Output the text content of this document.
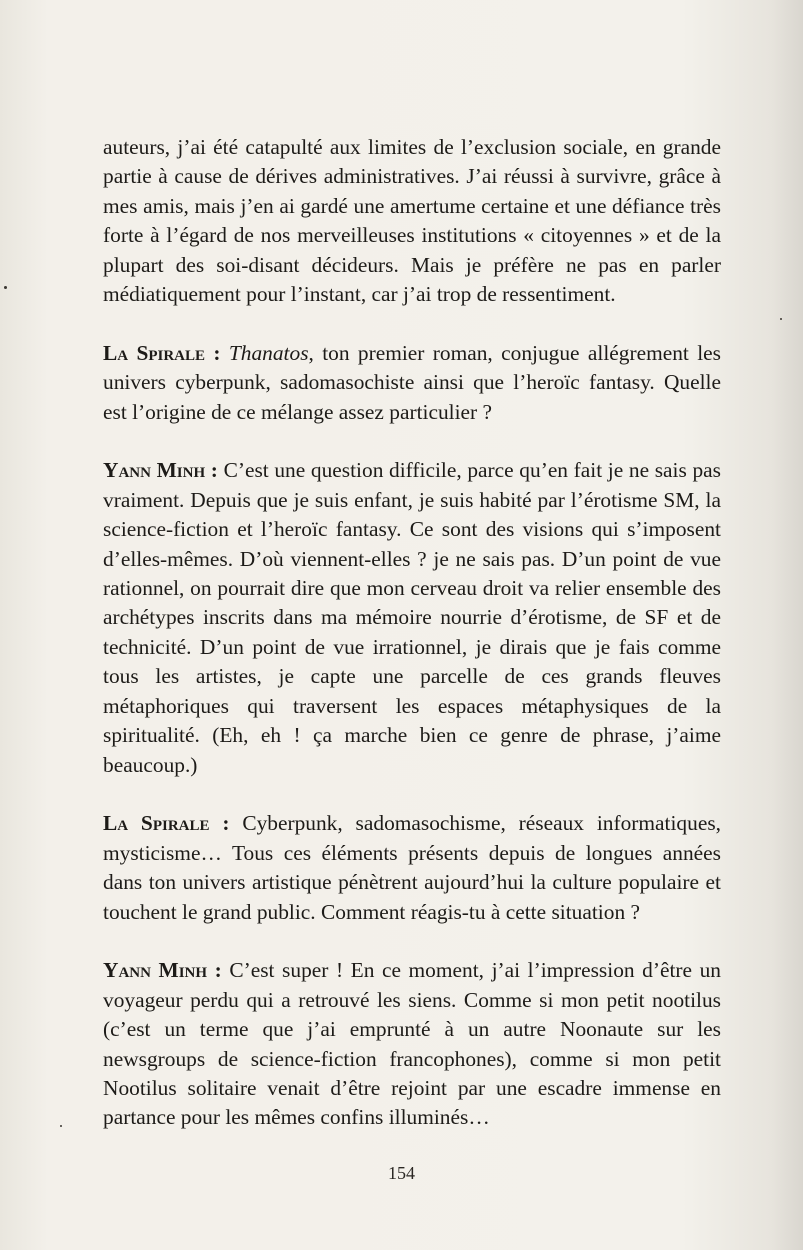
auteurs, j’ai été catapulté aux limites de l’exclusion sociale, en grande partie à cause de dérives administratives. J’ai réussi à survivre, grâce à mes amis, mais j’en ai gardé une amertume certaine et une défiance très forte à l’égard de nos merveilleuses institutions « citoyennes » et de la plupart des soi-disant décideurs. Mais je préfère ne pas en parler médiatiquement pour l’instant, car j’ai trop de ressentiment.

La Spirale : Thanatos, ton premier roman, conjugue allégrement les univers cyberpunk, sadomasochiste ainsi que l’heroïc fantasy. Quelle est l’origine de ce mélange assez particulier ?

Yann Minh : C’est une question difficile, parce qu’en fait je ne sais pas vraiment. Depuis que je suis enfant, je suis habité par l’érotisme SM, la science-fiction et l’heroïc fantasy. Ce sont des visions qui s’imposent d’elles-mêmes. D’où viennent-elles ? je ne sais pas. D’un point de vue rationnel, on pourrait dire que mon cerveau droit va relier ensemble des archétypes inscrits dans ma mémoire nourrie d’érotisme, de SF et de technicité. D’un point de vue irrationnel, je dirais que je fais comme tous les artistes, je capte une parcelle de ces grands fleuves métaphoriques qui traversent les espaces métaphysiques de la spiritualité. (Eh, eh ! ça marche bien ce genre de phrase, j’aime beaucoup.)

La Spirale : Cyberpunk, sadomasochisme, réseaux informatiques, mysticisme… Tous ces éléments présents depuis de longues années dans ton univers artistique pénètrent aujourd’hui la culture populaire et touchent le grand public. Comment réagis-tu à cette situation ?

Yann Minh : C’est super ! En ce moment, j’ai l’impression d’être un voyageur perdu qui a retrouvé les siens. Comme si mon petit nootilus (c’est un terme que j’ai emprunté à un autre Noonaute sur les newsgroups de science-fiction francophones), comme si mon petit Nootilus solitaire venait d’être rejoint par une escadre immense en partance pour les mêmes confins illuminés…

154
